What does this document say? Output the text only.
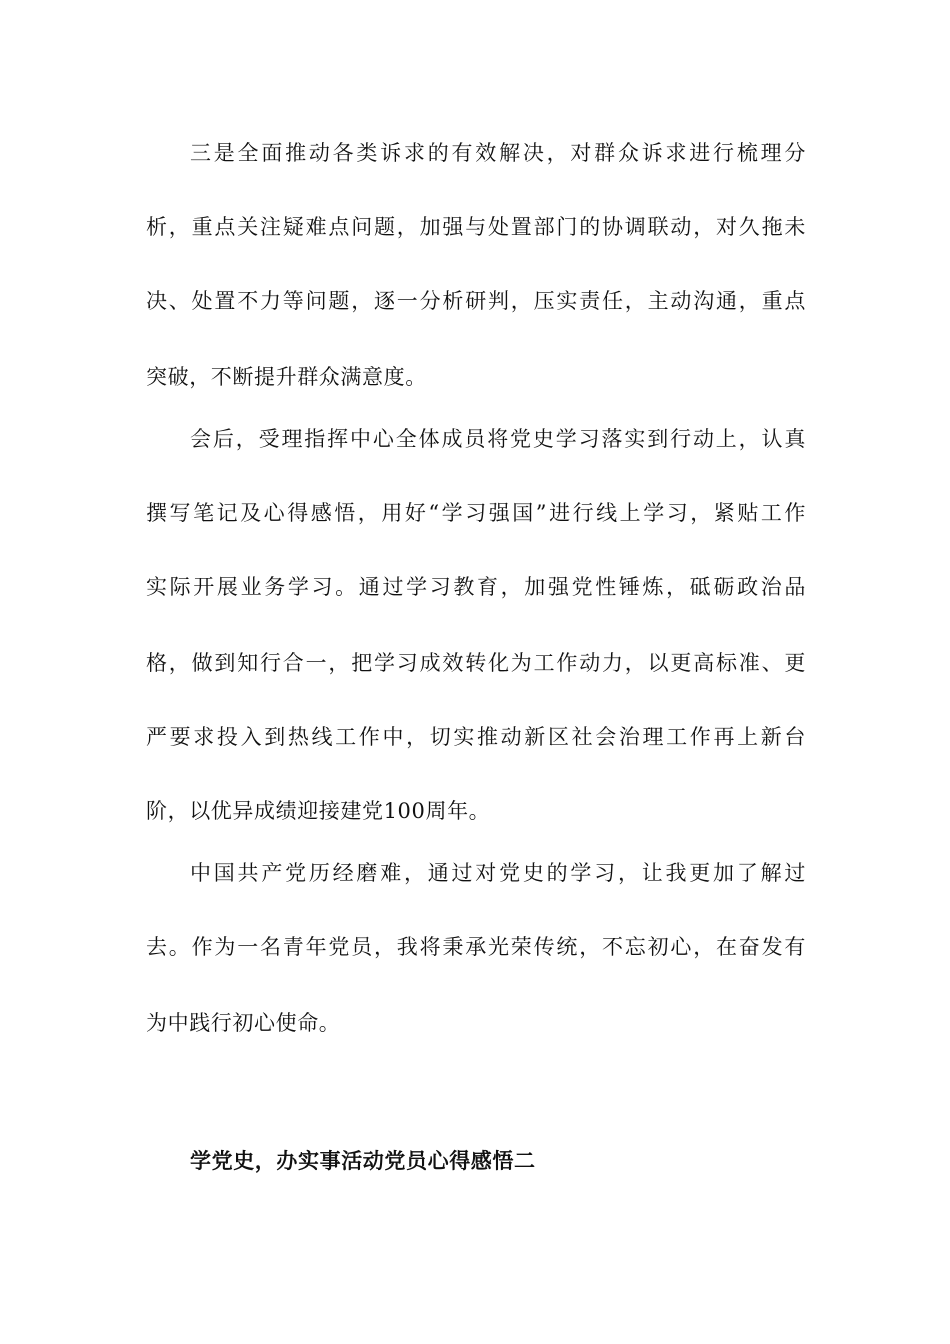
三是全面推动各类诉求的有效解决，对群众诉求进行梳理分
析，重点关注疑难点问题，加强与处置部门的协调联动，对久拖未
决、处置不力等问题，逐一分析研判，压实责任，主动沟通，重点
突破，不断提升群众满意度。
会后，受理指挥中心全体成员将党史学习落实到行动上，认真
撰写笔记及心得感悟，用好“学习强国”进行线上学习，紧贴工作
实际开展业务学习。通过学习教育，加强党性锤炼，砥砺政治品
格，做到知行合一，把学习成效转化为工作动力，以更高标准、更
严要求投入到热线工作中，切实推动新区社会治理工作再上新台
阶，以优异成绩迎接建党100周年。
中国共产党历经磨难，通过对党史的学习，让我更加了解过
去。作为一名青年党员，我将秉承光荣传统，不忘初心，在奋发有
为中践行初心使命。
学党史，办实事活动党员心得感悟二
